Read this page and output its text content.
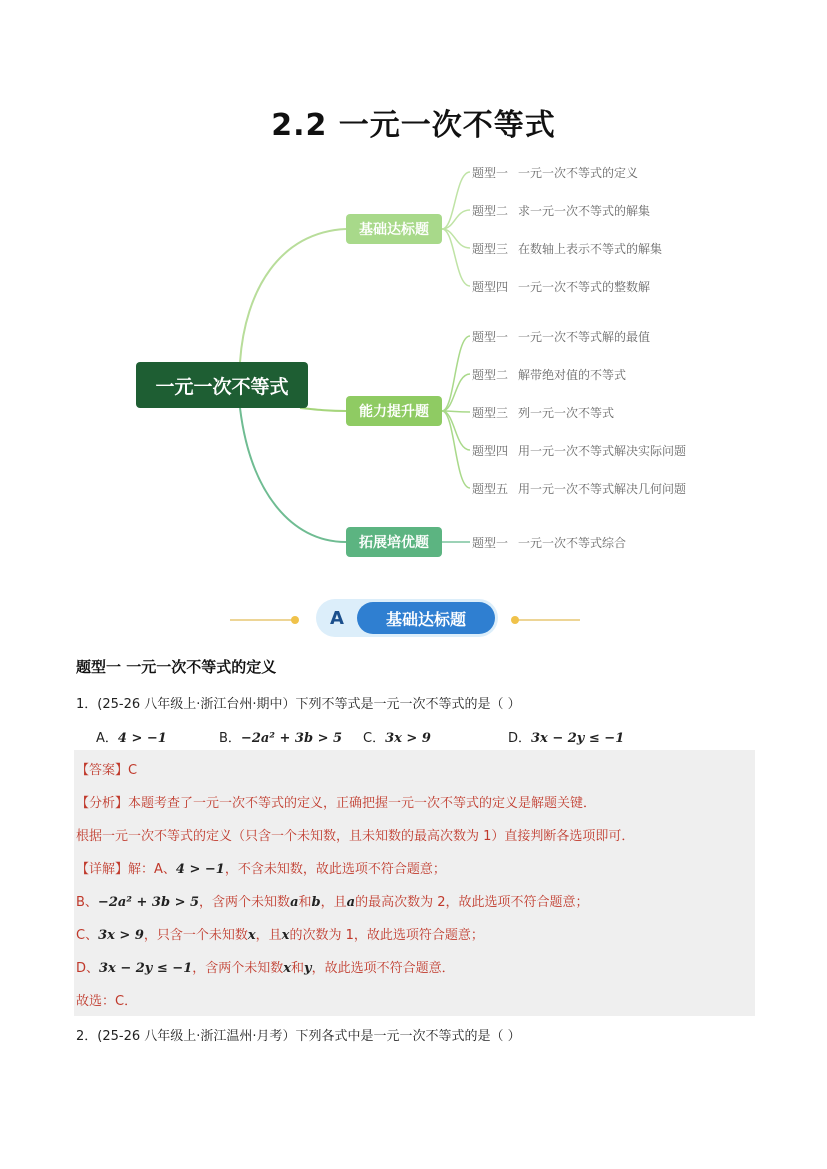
2.2 一元一次不等式
一元一次不等式
基础达标题
能力提升题
拓展培优题
题型一 一元一次不等式的定义
题型二 求一元一次不等式的解集
题型三 在数轴上表示不等式的解集
题型四 一元一次不等式的整数解
题型一 一元一次不等式解的最值
题型二 解带绝对值的不等式
题型三 列一元一次不等式
题型四 用一元一次不等式解决实际问题
题型五 用一元一次不等式解决几何问题
题型一 一元一次不等式综合
A	基础达标题
题型一 一元一次不等式的定义
1．(25-26 八年级上·浙江台州·期中）下列不等式是一元一次不等式的是（ ）
A．4 > −1	B．−2a² + 3b > 5 C．3x > 9	D．3x − 2y ≤ −1
【答案】C
【分析】本题考查了一元一次不等式的定义，正确把握一元一次不等式的定义是解题关键．
根据一元一次不等式的定义（只含一个未知数，且未知数的最高次数为 1）直接判断各选项即可．
【详解】解：A、4 > −1，不含未知数，故此选项不符合题意；
B、−2a² + 3b > 5，含两个未知数a和b，且a的最高次数为 2，故此选项不符合题意；
C、3x > 9，只含一个未知数x，且x的次数为 1，故此选项符合题意；
D、3x − 2y ≤ −1，含两个未知数x和y，故此选项不符合题意．
故选：C．
2．(25-26 八年级上·浙江温州·月考）下列各式中是一元一次不等式的是（ ）
